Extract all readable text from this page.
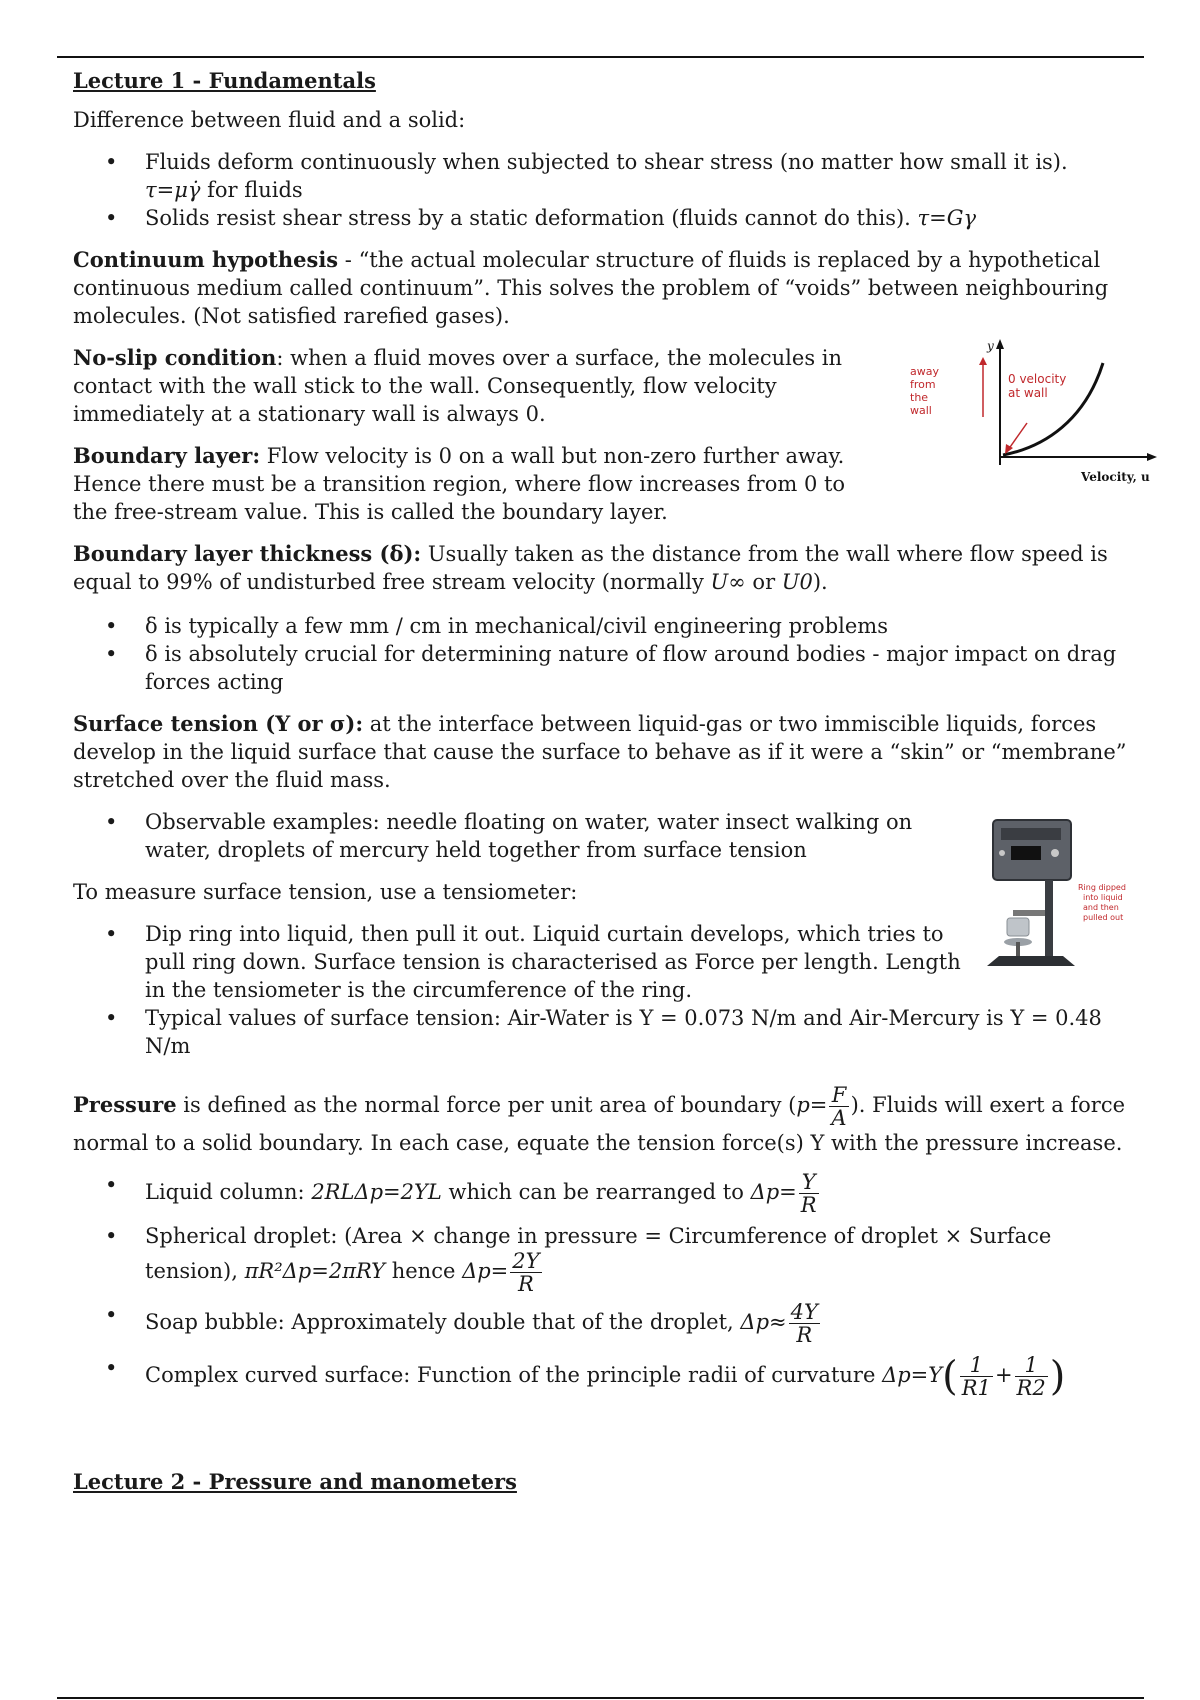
Lecture 1 - Fundamentals

Difference between fluid and a solid:

• Fluids deform continuously when subjected to shear stress (no matter how small it is).
τ=μγ̇ for fluids
• Solids resist shear stress by a static deformation (fluids cannot do this). τ=Gγ

Continuum hypothesis - “the actual molecular structure of fluids is replaced by a hypothetical continuous medium called continuum”. This solves the problem of “voids” between neighbouring molecules. (Not satisfied rarefied gases).

No-slip condition: when a fluid moves over a surface, the molecules in contact with the wall stick to the wall. Consequently, flow velocity immediately at a stationary wall is always 0.

Boundary layer: Flow velocity is 0 on a wall but non-zero further away. Hence there must be a transition region, where flow increases from 0 to the free-stream value. This is called the boundary layer.

Boundary layer thickness (δ): Usually taken as the distance from the wall where flow speed is equal to 99% of undisturbed free stream velocity (normally U∞ or U0).

• δ is typically a few mm / cm in mechanical/civil engineering problems
• δ is absolutely crucial for determining nature of flow around bodies - major impact on drag forces acting

Surface tension (Y or σ): at the interface between liquid-gas or two immiscible liquids, forces develop in the liquid surface that cause the surface to behave as if it were a “skin” or “membrane” stretched over the fluid mass.

• Observable examples: needle floating on water, water insect walking on water, droplets of mercury held together from surface tension

To measure surface tension, use a tensiometer:

• Dip ring into liquid, then pull it out. Liquid curtain develops, which tries to pull ring down. Surface tension is characterised as Force per length. Length in the tensiometer is the circumference of the ring.
• Typical values of surface tension: Air-Water is Y = 0.073 N/m and Air-Mercury is Y = 0.48 N/m

Pressure is defined as the normal force per unit area of boundary ($p= \frac{F}{A}$ ). Fluids will exert a force normal to a solid boundary. In each case, equate the tension force(s) Y with the pressure increase.

• Liquid column: 2RLΔp=2YL which can be rearranged to $\Delta p= \frac{Y}{R}$
• Spherical droplet: (Area × change in pressure = Circumference of droplet × Surface tension), πR²Δp=2πRY hence $\Delta p= \frac{2Y}{R}$
• Soap bubble: Approximately double that of the droplet, $\Delta p\approx \frac{4Y}{R}$
• Complex curved surface: Function of the principle radii of curvature $\Delta p=Y( \frac{1}{R1} + \frac{1}{R2}$ )
Lecture 2 - Pressure and manometers
y
Velocity, u
away
from
the
wall
0 velocity
at wall
Ring dipped
into liquid
and then
pulled out
